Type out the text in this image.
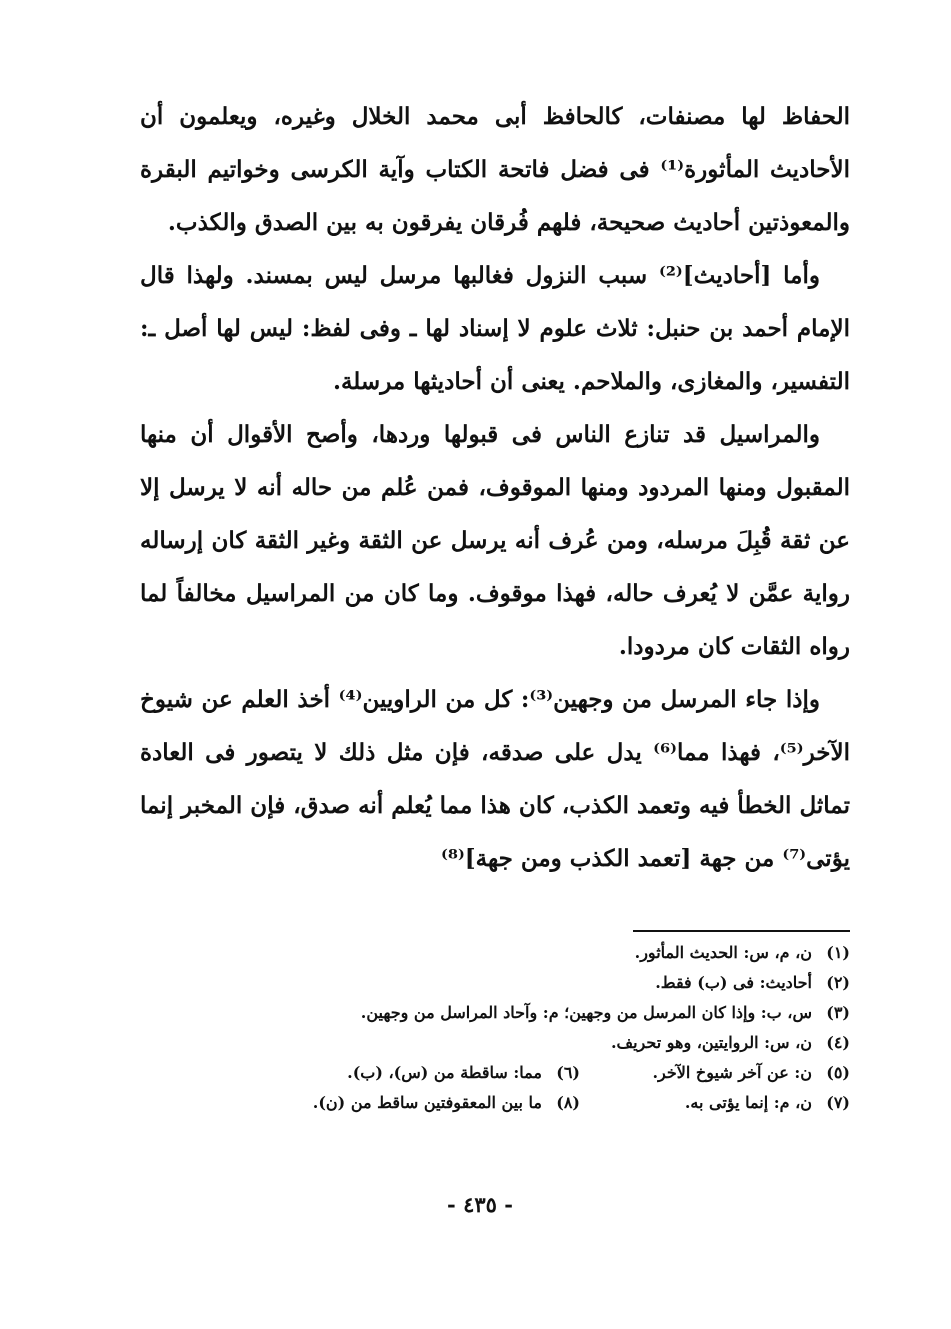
الحفاظ لها مصنفات، كالحافظ أبى محمد الخلال وغيره، ويعلمون أن الأحاديث المأثورة⁽¹⁾ فى فضل فاتحة الكتاب وآية الكرسى وخواتيم البقرة والمعوذتين أحاديث صحيحة، فلهم فُرقان يفرقون به بين الصدق والكذب.

وأما [أحاديث]⁽²⁾ سبب النزول فغالبها مرسل ليس بمسند. ولهذا قال الإمام أحمد بن حنبل: ثلاث علوم لا إسناد لها ـ وفى لفظ: ليس لها أصل ـ: التفسير، والمغازى، والملاحم. يعنى أن أحاديثها مرسلة.

والمراسيل قد تنازع الناس فى قبولها وردها، وأصح الأقوال أن منها المقبول ومنها المردود ومنها الموقوف، فمن عُلم من حاله أنه لا يرسل إلا عن ثقة قُبِلَ مرسله، ومن عُرف أنه يرسل عن الثقة وغير الثقة كان إرساله رواية عمَّن لا يُعرف حاله، فهذا موقوف. وما كان من المراسيل مخالفاً لما رواه الثقات كان مردودا.

وإذا جاء المرسل من وجهين⁽³⁾: كل من الراويين⁽⁴⁾ أخذ العلم عن شيوخ الآخر⁽⁵⁾، فهذا مما⁽⁶⁾ يدل على صدقه، فإن مثل ذلك لا يتصور فى العادة تماثل الخطأ فيه وتعمد الكذب، كان هذا مما يُعلم أنه صدق، فإن المخبر إنما يؤتى⁽⁷⁾ من جهة [تعمد الكذب ومن جهة]⁽⁸⁾

(١)
ن، م، س: الحديث المأثور.
(٢)
أحاديث: فى (ب) فقط.
(٣)
س، ب: وإذا كان المرسل من وجهين؛ م: وآحاد المراسل من وجهين.
(٤)
ن، س: الروايتين، وهو تحريف.
(٥)
ن: عن آخر شيوخ الآخر.
(٦)
مما: ساقطة من (س)، (ب).
(٧)
ن، م: إنما يؤتى به.
(٨)
ما بين المعقوفتين ساقط من (ن).
- ٤٣٥ -
